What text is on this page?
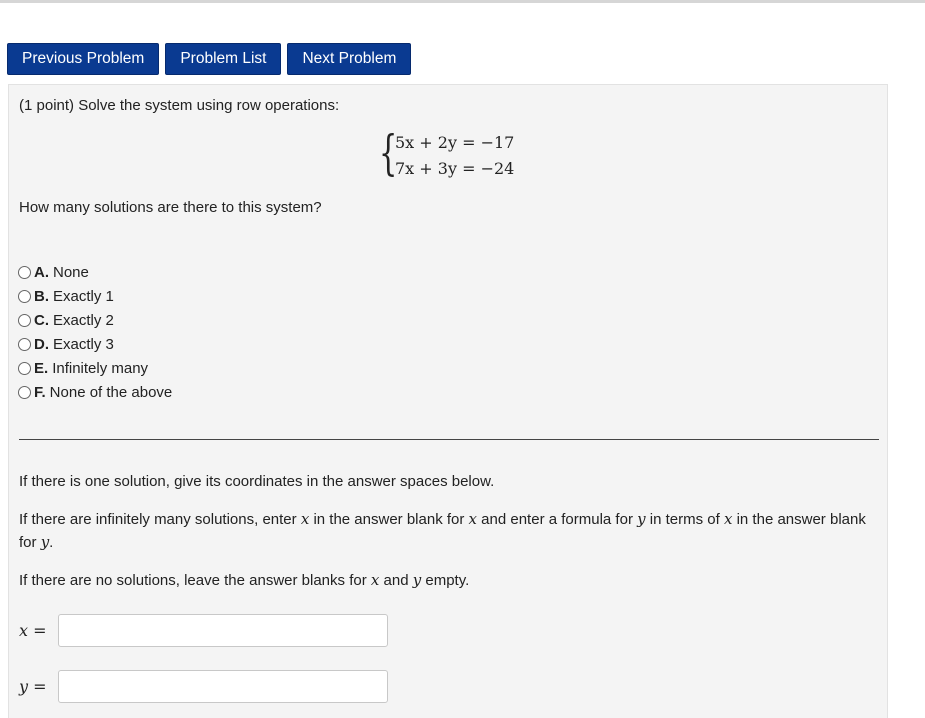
Previous Problem	Problem List	Next Problem
(1 point) Solve the system using row operations:
{
5x + 2y = −17
7x + 3y = −24
How many solutions are there to this system?
A. None
B. Exactly 1
C. Exactly 2
D. Exactly 3
E. Infinitely many
F. None of the above
If there is one solution, give its coordinates in the answer spaces below.
If there are infinitely many solutions, enter x in the answer blank for x and enter a formula for y in terms of x in the answer blank for y.
If there are no solutions, leave the answer blanks for x and y empty.
x =
y =
